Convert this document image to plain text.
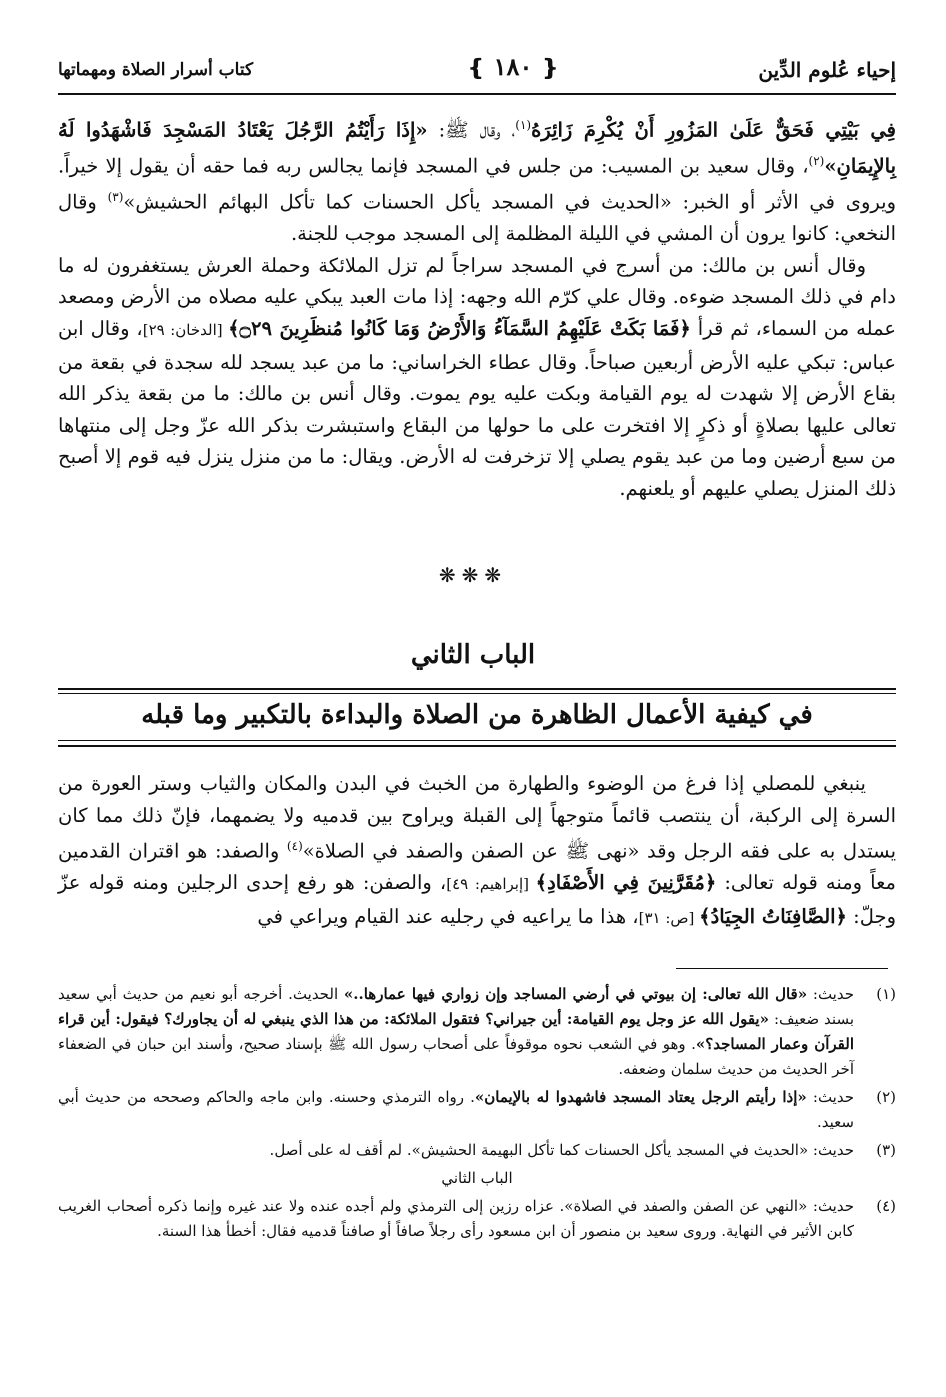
إحياء عُلوم الدِّين
❴ ١٨٠ ❵
كتاب أسرار الصلاة ومهماتها

فِي بَيْتِي فَحَقٌّ عَلَىٰ المَزُورِ أَنْ يُكْرِمَ زَائِرَهُ$^{(١)}$، وقال ﷺ: «إِذَا رَأَيْتُمُ الرَّجُلَ يَعْتَادُ المَسْجِدَ فَاشْهَدُوا لَهُ بِالإِيمَانِ»$^{(٢)}$، وقال سعيد بن المسيب: من جلس في المسجد فإنما يجالس ربه فما حقه أن يقول إلا خيراً. ويروى في الأثر أو الخبر: «الحديث في المسجد يأكل الحسنات كما تأكل البهائم الحشيش»$^{(٣)}$ وقال النخعي: كانوا يرون أن المشي في الليلة المظلمة إلى المسجد موجب للجنة.

وقال أنس بن مالك: من أسرج في المسجد سراجاً لم تزل الملائكة وحملة العرش يستغفرون له ما دام في ذلك المسجد ضوءه. وقال علي كرّم الله وجهه: إذا مات العبد يبكي عليه مصلاه من الأرض ومصعد عمله من السماء، ثم قرأ ﴿فَمَا بَكَتْ عَلَيْهِمُ السَّمَآءُ وَالأَرْضُ وَمَا كَانُوا مُنظَرِينَ ۝٢٩﴾ [الدخان: ٢٩]، وقال ابن عباس: تبكي عليه الأرض أربعين صباحاً. وقال عطاء الخراساني: ما من عبد يسجد لله سجدة في بقعة من بقاع الأرض إلا شهدت له يوم القيامة وبكت عليه يوم يموت. وقال أنس بن مالك: ما من بقعة يذكر الله تعالى عليها بصلاةٍ أو ذكرٍ إلا افتخرت على ما حولها من البقاع واستبشرت بذكر الله عزّ وجل إلى منتهاها من سبع أرضين وما من عبد يقوم يصلي إلا تزخرفت له الأرض. ويقال: ما من منزل ينزل فيه قوم إلا أصبح ذلك المنزل يصلي عليهم أو يلعنهم.

❋❋❋
الباب الثاني
في كيفية الأعمال الظاهرة من الصلاة والبداءة بالتكبير وما قبله

ينبغي للمصلي إذا فرغ من الوضوء والطهارة من الخبث في البدن والمكان والثياب وستر العورة من السرة إلى الركبة، أن ينتصب قائماً متوجهاً إلى القبلة ويراوح بين قدميه ولا يضمهما، فإنّ ذلك مما كان يستدل به على فقه الرجل وقد «نهى ﷺ عن الصفن والصفد في الصلاة»$^{(٤)}$ والصفد: هو اقتران القدمين معاً ومنه قوله تعالى: ﴿مُقَرَّنِينَ فِي الأَصْفَادِ﴾ [إبراهيم: ٤٩]، والصفن: هو رفع إحدى الرجلين ومنه قوله عزّ وجلّ: ﴿الصَّافِنَاتُ الجِيَادُ﴾ [ص: ٣١]، هذا ما يراعيه في رجليه عند القيام ويراعي في

(١)
حديث: «قال الله تعالى: إن بيوتي في أرضي المساجد وإن زواري فيها عمارها..» الحديث. أخرجه أبو نعيم من حديث أبي سعيد بسند ضعيف: «يقول الله عز وجل يوم القيامة: أين جيراني؟ فتقول الملائكة: من هذا الذي ينبغي له أن يجاورك؟ فيقول: أين قراء القرآن وعمار المساجد؟». وهو في الشعب نحوه موقوفاً على أصحاب رسول الله ﷺ بإسناد صحيح، وأسند ابن حبان في الضعفاء آخر الحديث من حديث سلمان وضعفه.
(٢)
حديث: «إذا رأيتم الرجل يعتاد المسجد فاشهدوا له بالإيمان». رواه الترمذي وحسنه. وابن ماجه والحاكم وصححه من حديث أبي سعيد.
(٣)
حديث: «الحديث في المسجد يأكل الحسنات كما تأكل البهيمة الحشيش». لم أقف له على أصل.
الباب الثاني
(٤)
حديث: «النهي عن الصفن والصفد في الصلاة». عزاه رزين إلى الترمذي ولم أجده عنده ولا عند غيره وإنما ذكره أصحاب الغريب كابن الأثير في النهاية. وروى سعيد بن منصور أن ابن مسعود رأى رجلاً صافاً أو صافناً قدميه فقال: أخطأ هذا السنة.
